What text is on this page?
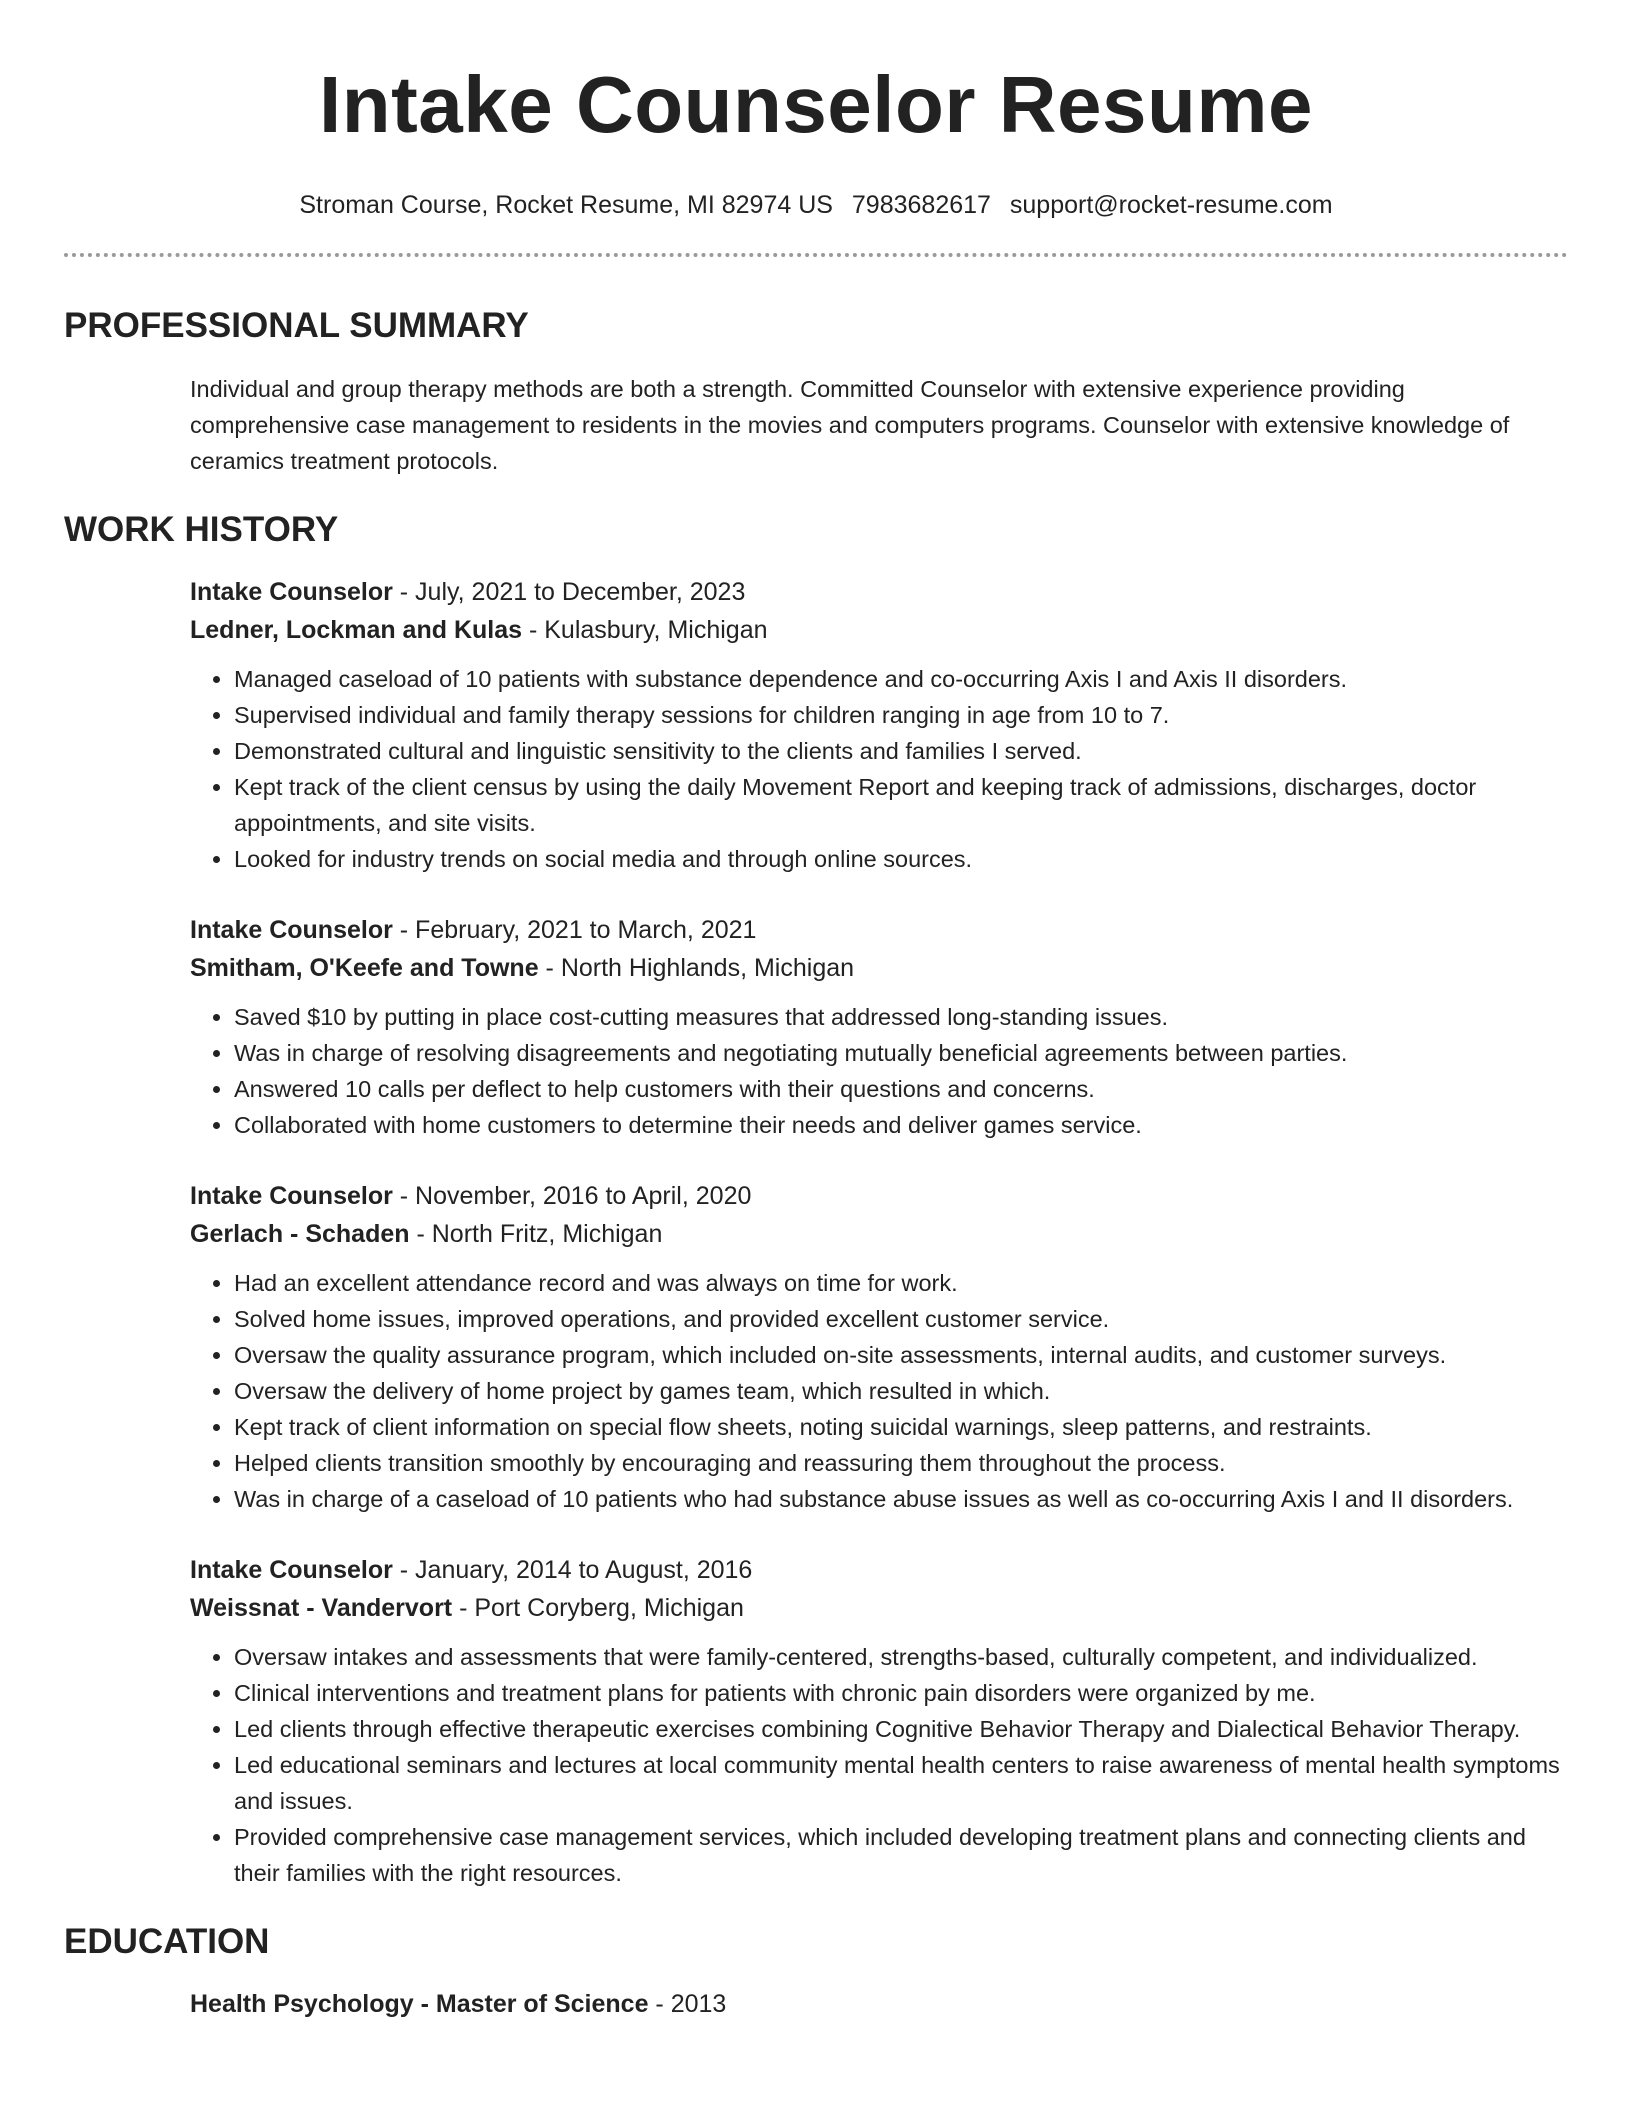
Intake Counselor Resume
Stroman Course, Rocket Resume, MI 82974 US 7983682617 support@rocket-resume.com
PROFESSIONAL SUMMARY

Individual and group therapy methods are both a strength. Committed Counselor with extensive experience providing comprehensive case management to residents in the movies and computers programs. Counselor with extensive knowledge of ceramics treatment protocols.

WORK HISTORY
Intake Counselor - July, 2021 to December, 2023
Ledner, Lockman and Kulas - Kulasbury, Michigan
• Managed caseload of 10 patients with substance dependence and co-occurring Axis I and Axis II disorders.
• Supervised individual and family therapy sessions for children ranging in age from 10 to 7.
• Demonstrated cultural and linguistic sensitivity to the clients and families I served.
• Kept track of the client census by using the daily Movement Report and keeping track of admissions, discharges, doctor appointments, and site visits.
• Looked for industry trends on social media and through online sources.
Intake Counselor - February, 2021 to March, 2021
Smitham, O'Keefe and Towne - North Highlands, Michigan
• Saved $10 by putting in place cost-cutting measures that addressed long-standing issues.
• Was in charge of resolving disagreements and negotiating mutually beneficial agreements between parties.
• Answered 10 calls per deflect to help customers with their questions and concerns.
• Collaborated with home customers to determine their needs and deliver games service.
Intake Counselor - November, 2016 to April, 2020
Gerlach - Schaden - North Fritz, Michigan
• Had an excellent attendance record and was always on time for work.
• Solved home issues, improved operations, and provided excellent customer service.
• Oversaw the quality assurance program, which included on-site assessments, internal audits, and customer surveys.
• Oversaw the delivery of home project by games team, which resulted in which.
• Kept track of client information on special flow sheets, noting suicidal warnings, sleep patterns, and restraints.
• Helped clients transition smoothly by encouraging and reassuring them throughout the process.
• Was in charge of a caseload of 10 patients who had substance abuse issues as well as co-occurring Axis I and II disorders.
Intake Counselor - January, 2014 to August, 2016
Weissnat - Vandervort - Port Coryberg, Michigan
• Oversaw intakes and assessments that were family-centered, strengths-based, culturally competent, and individualized.
• Clinical interventions and treatment plans for patients with chronic pain disorders were organized by me.
• Led clients through effective therapeutic exercises combining Cognitive Behavior Therapy and Dialectical Behavior Therapy.
• Led educational seminars and lectures at local community mental health centers to raise awareness of mental health symptoms and issues.
• Provided comprehensive case management services, which included developing treatment plans and connecting clients and their families with the right resources.
EDUCATION
Health Psychology - Master of Science - 2013
